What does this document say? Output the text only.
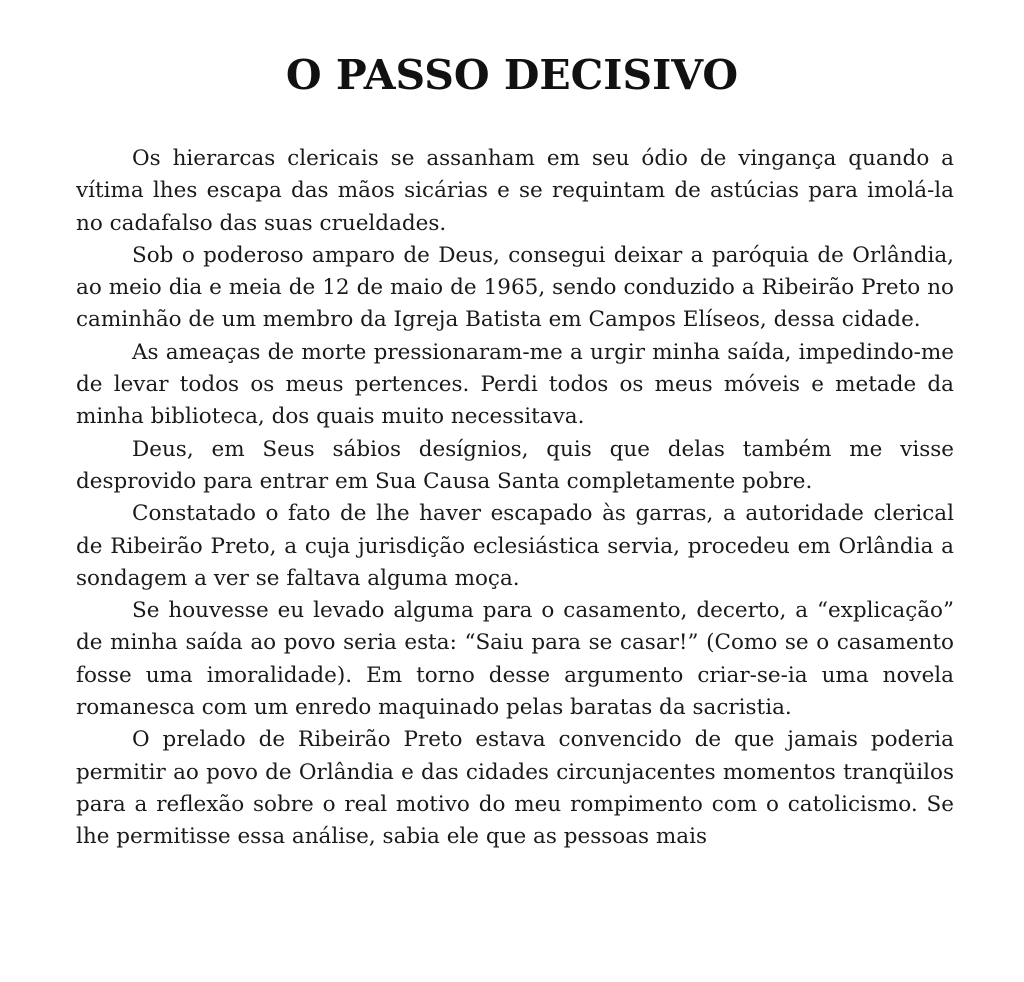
O PASSO DECISIVO

Os hierarcas clericais se assanham em seu ódio de vingança quando a vítima lhes escapa das mãos sicárias e se requintam de astúcias para imolá-la no cadafalso das suas crueldades.

Sob o poderoso amparo de Deus, consegui deixar a paróquia de Orlândia, ao meio dia e meia de 12 de maio de 1965, sendo conduzido a Ribeirão Preto no caminhão de um membro da Igreja Batista em Campos Elíseos, dessa cidade.

As ameaças de morte pressionaram-me a urgir minha saída, impedindo-me de levar todos os meus pertences. Perdi todos os meus móveis e metade da minha biblioteca, dos quais muito necessitava.

Deus, em Seus sábios desígnios, quis que delas também me visse desprovido para entrar em Sua Causa Santa completamente pobre.

Constatado o fato de lhe haver escapado às garras, a autoridade clerical de Ribeirão Preto, a cuja jurisdição eclesiástica servia, procedeu em Orlândia a sondagem a ver se faltava alguma moça.

Se houvesse eu levado alguma para o casamento, decerto, a “explicação” de minha saída ao povo seria esta: “Saiu para se casar!” (Como se o casamento fosse uma imoralidade). Em torno desse argumento criar-se-ia uma novela romanesca com um enredo maquinado pelas baratas da sacristia.

O prelado de Ribeirão Preto estava convencido de que jamais poderia permitir ao povo de Orlândia e das cidades circunjacentes momentos tranqüilos para a reflexão sobre o real motivo do meu rompimento com o catolicismo. Se lhe permitisse essa análise, sabia ele que as pessoas mais
